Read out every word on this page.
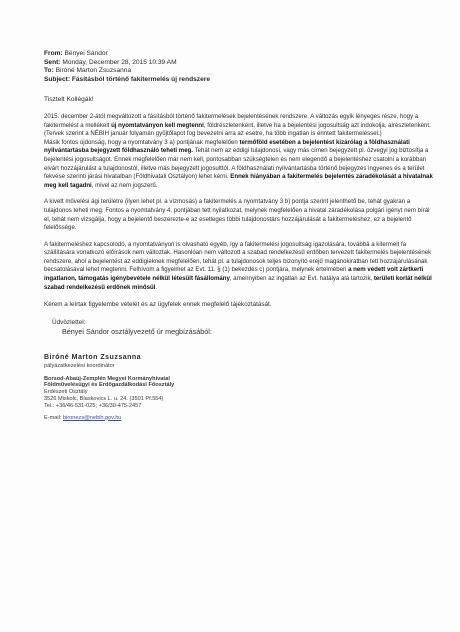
From: Bényei Sándor
Sent: Monday, December 28, 2015 10:39 AM
To: Biróné Marton Zsuzsanna
Subject: Fásításból történő fakitermelés új rendszere
Tisztelt Kollégák!
2015. december 2-ától megváltozott a fásításból történő fakitermelések bejelentésének rendszere. A változás egyik lényeges része, hogy a fakitermelést a mellékelt új nyomtatványon kell megtenni, földrészletenként, illetve ha a bejelentési jogosultság azt indokolja, alrészletenként. (Tervek szerint a NÉBIH január folyamán gyűjtőlapot fog bevezetni arra az esetre, ha több ingatlan is érintett fakitermeléssel.)
Másik fontos újdonság, hogy a nyomtatvány 3 a) pontjának megfelelően termőföld esetében a bejelentést kizárólag a földhasználati nyilvántartásba bejegyzett földhasználó teheti meg. Tehát nem az eddigi tulajdonosi, vagy más címen bejegyzett pl. özvegyi jog biztosítja a bejelentési jogosultságot. Ennek megfelelően már nem kell, pontosabban szükségtelen és nem elegendő a bejelentéshez csatolni a korábban elvárt hozzájárulást a tulajdonostól, illetve más bejegyzett jogosulttól. A földhasználati nyilvántartásba történő bejegyzés ingyenes és a terület fekvése szerinti járási hivatalban (Földhivatali Osztályon) lehet kérni. Ennek hiányában a fakitermelés bejelentés záradékolását a hivatalnak meg kell tagadni, mivel az nem jogszerű.
A kivett művelési ági területre (ilyen lehet pl. a vízmosás) a fakitermelés a nyomtatvány 3 b) pontja szerint jelenthető be, tehát gyakran a tulajdonos teheti meg. Fontos a nyomtatvány 4. pontjában tett nyilatkozat, melynek megfelelően a hivatal záradékolása polgári igényt nem bírál el, tehát nem vizsgálja, hogy a bejelentő beszerezte-e az esetleges többi tulajdonostárs hozzájárulását a fakitermeléshez, ez a bejelentő felelőssége.
A fakitermeléshez kapcsolódó, a nyomtatványon is olvasható egyéb, így a fakitermelési jogosultság igazolására, továbbá a kitermelt fa szállítására vonatkozó előírások nem változtak. Hasonlóan nem változott a szabad rendelkezésű erdőben tervezett fakitermelés bejelentésének rendszere, ahol a bejelentést az eddigieknek megfelelően, tehát pl. a tulajdonosok teljes bizonyító erejű magánokiratban tett hozzájárulásának becsatolásával lehet megtenni. Felhívom a figyelmet az Evt. 11. § (1) bekezdés c) pontjára, melynek értelmében a nem védett volt zártkerti ingatlanon, támogatás igénybevétele nélkül létesült fásállomány, amennyiben az ingatlan az Evt. hatálya alá tartozik, területi korlát nélkül szabad rendelkezésű erdőnek minősül.
Kérem a leírtak figyelembe vételét és az ügyfelek ennek megfelelő tájékoztatását.
Üdvözlettel:
Bényei Sándor osztályvezető úr megbízásából:
Biróné Marton Zsuzsanna
pályázatkezelési koordinátor
Borsod-Abaúj-Zemplén Megyei Kormányhivatal
Földművelésügyi és Erdőgazdálkodási Főosztály
Erdészeti Osztály
3526 Miskolc, Blaskovics L. u. 24. (3501 Pf.554)
Tel.: +36/46-531-025; +36/30-475-2457
E-mail: bironezs@nebih.gov.hu
